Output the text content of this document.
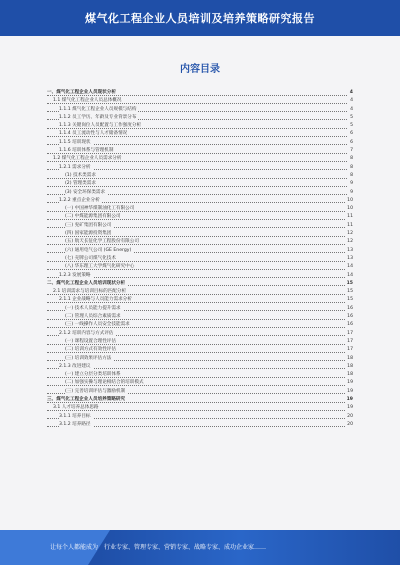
煤气化工程企业人员培训及培养策略研究报告
内容目录
一、煤气化工程企业人员现状分析	4
1.1 煤气化工程企业人员总体概况	4
1.1.1 煤气化工程企业人员规模与结构	4
1.1.2 员工学历、年龄及专业背景分布	5
1.1.3 关键岗位人员配置与工作强度分析	5
1.1.4 员工流动性与人才储备情况	6
1.1.5 培训现状	6
1.1.6 培训体系与管理机制	7
1.2 煤气化工程企业人员需求分析	8
1.2.1 需求分析	8
(1) 技术类需求	8
(2) 管理类需求	9
(3) 安全环保类需求	9
1.2.2 重点企业分析	10
(一) 中国神华煤制油化工有限公司	10
(二) 中煤能源集团有限公司	11
(三) 兖矿集团有限公司	11
(四) 国家能源投资集团	12
(五) 航天长征化学工程股份有限公司	12
(六) 通用电气公司 (GE Energy)	13
(七) 壳牌公司煤气化技术	13
(八) 华东理工大学煤气化研究中心	14
1.2.3 发展策略	14
二、煤气化工程企业人员培训现状分析	15
2.1 培训需求与培训目标的匹配分析	15
2.1.1 企业战略与人员能力需求分析	15
(一) 技术人员能力提升需求	16
(二) 管理人员综合素质需求	16
(三) 一线操作人员安全技能需求	16
2.1.2 培训内容与方式评估	17
(一) 课程设置合理性评估	17
(二) 培训方式有效性评估	17
(三) 培训效果评估方法	18
2.1.3 改进建议	18
(一) 建立分层分类培训体系	18
(二) 加强实操与理论相结合的培训模式	19
(三) 完善培训评估与激励机制	19
三、煤气化工程企业人员培养策略研究	19
3.1 人才培养总体思路	19
3.1.1 培养目标	20
3.1.2 培养路径	20
让每个人都能成为　行业专家、管理专家、营销专家、战略专家、成功企业家……
